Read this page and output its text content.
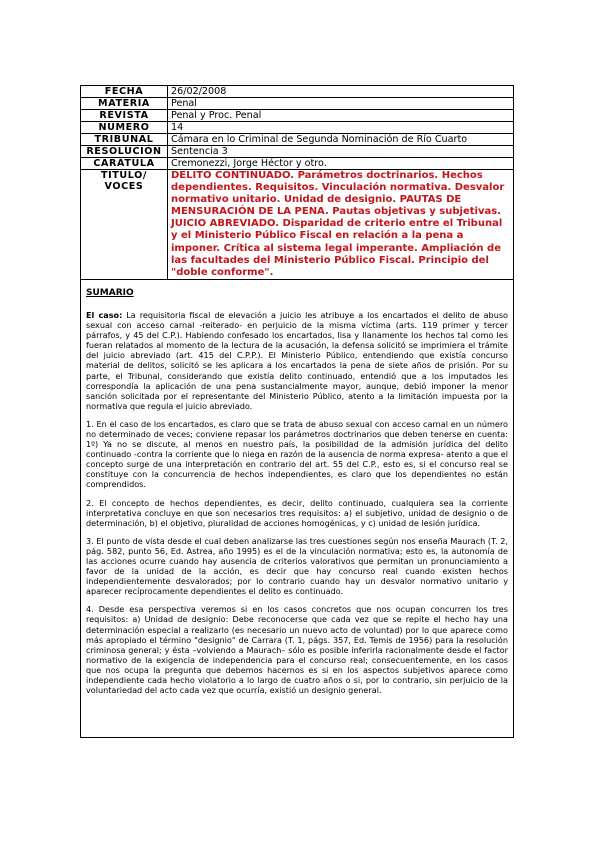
FECHA	26/02/2008
MATERIA	Penal
REVISTA	Penal y Proc. Penal
NÚMERO	14
TRIBUNAL	Cámara en lo Criminal de Segunda Nominación de Río Cuarto
RESOLUCIÓN	Sentencia 3
CARÁTULA	Cremonezzi, Jorge Héctor y otro.

TITULO/
VOCES	DELITO CONTINUADO. Parámetros doctrinarios. Hechos dependientes. Requisitos. Vinculación normativa. Desvalor normativo unitario. Unidad de designio. PAUTAS DE MENSURACIÓN DE LA PENA. Pautas objetivas y subjetivas. JUICIO ABREVIADO. Disparidad de criterio entre el Tribunal y el Ministerio Público Fiscal en relación a la pena a imponer. Crítica al sistema legal imperante. Ampliación de las facultades del Ministerio Público Fiscal. Principio del "doble conforme".
SUMARIO

El caso: La requisitoria fiscal de elevación a juicio les atribuye a los encartados el delito de abuso sexual con acceso carnal -reiterado- en perjuicio de la misma víctima (arts. 119 primer y tercer párrafos, y 45 del C.P.). Habiendo confesado los encartados, lisa y llanamente los hechos tal como les fueran relatados al momento de la lectura de la acusación, la defensa solicitó se imprimiera el trámite del juicio abreviado (art. 415 del C.P.P.). El Ministerio Público, entendiendo que existía concurso material de delitos, solicitó se les aplicara a los encartados la pena de siete años de prisión. Por su parte, el Tribunal, considerando que existía delito continuado, entendió que a los imputados les correspondía la aplicación de una pena sustancialmente mayor, aunque, debió imponer la menor sanción solicitada por el representante del Ministerio Público, atento a la limitación impuesta por la normativa que regula el juicio abreviado.

1. En el caso de los encartados, es claro que se trata de abuso sexual con acceso carnal en un número no determinado de veces; conviene repasar los parámetros doctrinarios que deben tenerse en cuenta: 1º) Ya no se discute, al menos en nuestro país, la posibilidad de la admisión jurídica del delito continuado -contra la corriente que lo niega en razón de la ausencia de norma expresa- atento a que el concepto surge de una interpretación en contrario del art. 55 del C.P., esto es, si el concurso real se constituye con la concurrencia de hechos independientes, es claro que los dependientes no están comprendidos.

2. El concepto de hechos dependientes, es decir, delito continuado, cualquiera sea la corriente interpretativa concluye en que son necesarios tres requisitos: a) el subjetivo, unidad de designio o de determinación, b) el objetivo, pluralidad de acciones homogénicas, y c) unidad de lesión jurídica.

3. El punto de vista desde el cual deben analizarse las tres cuestiones según nos enseña Maurach (T. 2, pág. 582, punto 56, Ed. Astrea, año 1995) es el de la vinculación normativa; esto es, la autonomía de las acciones ocurre cuando hay ausencia de criterios valorativos que permitan un pronunciamiento a favor de la unidad de la acción, es decir que hay concurso real cuando existen hechos independientemente desvalorados; por lo contrario cuando hay un desvalor normativo unitario y aparecer recíprocamente dependientes el delito es continuado.

4. Desde esa perspectiva veremos si en los casos concretos que nos ocupan concurren los tres requisitos: a) Unidad de designio: Debe reconocerse que cada vez que se repite el hecho hay una determinación especial a realizarlo (es necesario un nuevo acto de voluntad) por lo que aparece como más apropiado el término "designio" de Carrara (T. 1, págs. 357, Ed. Temis de 1956) para la resolución criminosa general; y ésta –volviendo a Maurach– sólo es posible inferirla racionalmente desde el factor normativo de la exigencia de independencia para el concurso real; consecuentemente, en los casos que nos ocupa la pregunta que debemos hacernos es si en los aspectos subjetivos aparece como independiente cada hecho violatorio a lo largo de cuatro años o si, por lo contrario, sin perjuicio de la voluntariedad del acto cada vez que ocurría, existió un designio general.
